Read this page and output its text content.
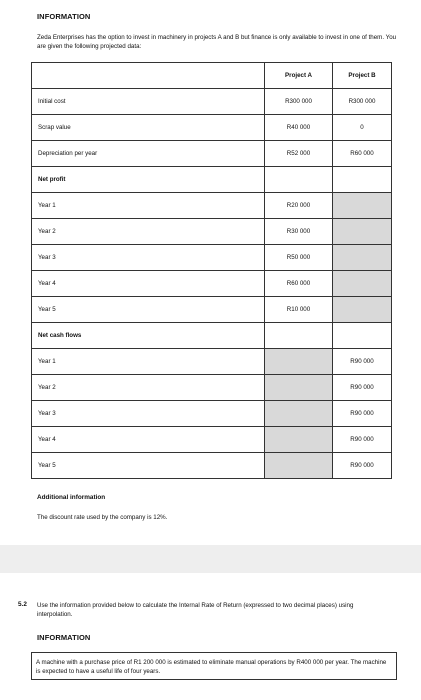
INFORMATION
Zeda Enterprises has the option to invest in machinery in projects A and B but finance is only available to invest in one of them. You are given the following projected data:
	Project A	Project B
Initial cost	R300 000	R300 000
Scrap value	R40 000	0
Depreciation per year	R52 000	R60 000
Net profit		
Year 1	R20 000	
Year 2	R30 000	
Year 3	R50 000	
Year 4	R60 000	
Year 5	R10 000	
Net cash flows		
Year 1		R90 000
Year 2		R90 000
Year 3		R90 000
Year 4		R90 000
Year 5		R90 000
Additional information
The discount rate used by the company is 12%.
5.2 Use the information provided below to calculate the Internal Rate of Return (expressed to two decimal places) using interpolation.
INFORMATION
A machine with a purchase price of R1 200 000 is estimated to eliminate manual operations by R400 000 per year. The machine is expected to have a useful life of four years.
